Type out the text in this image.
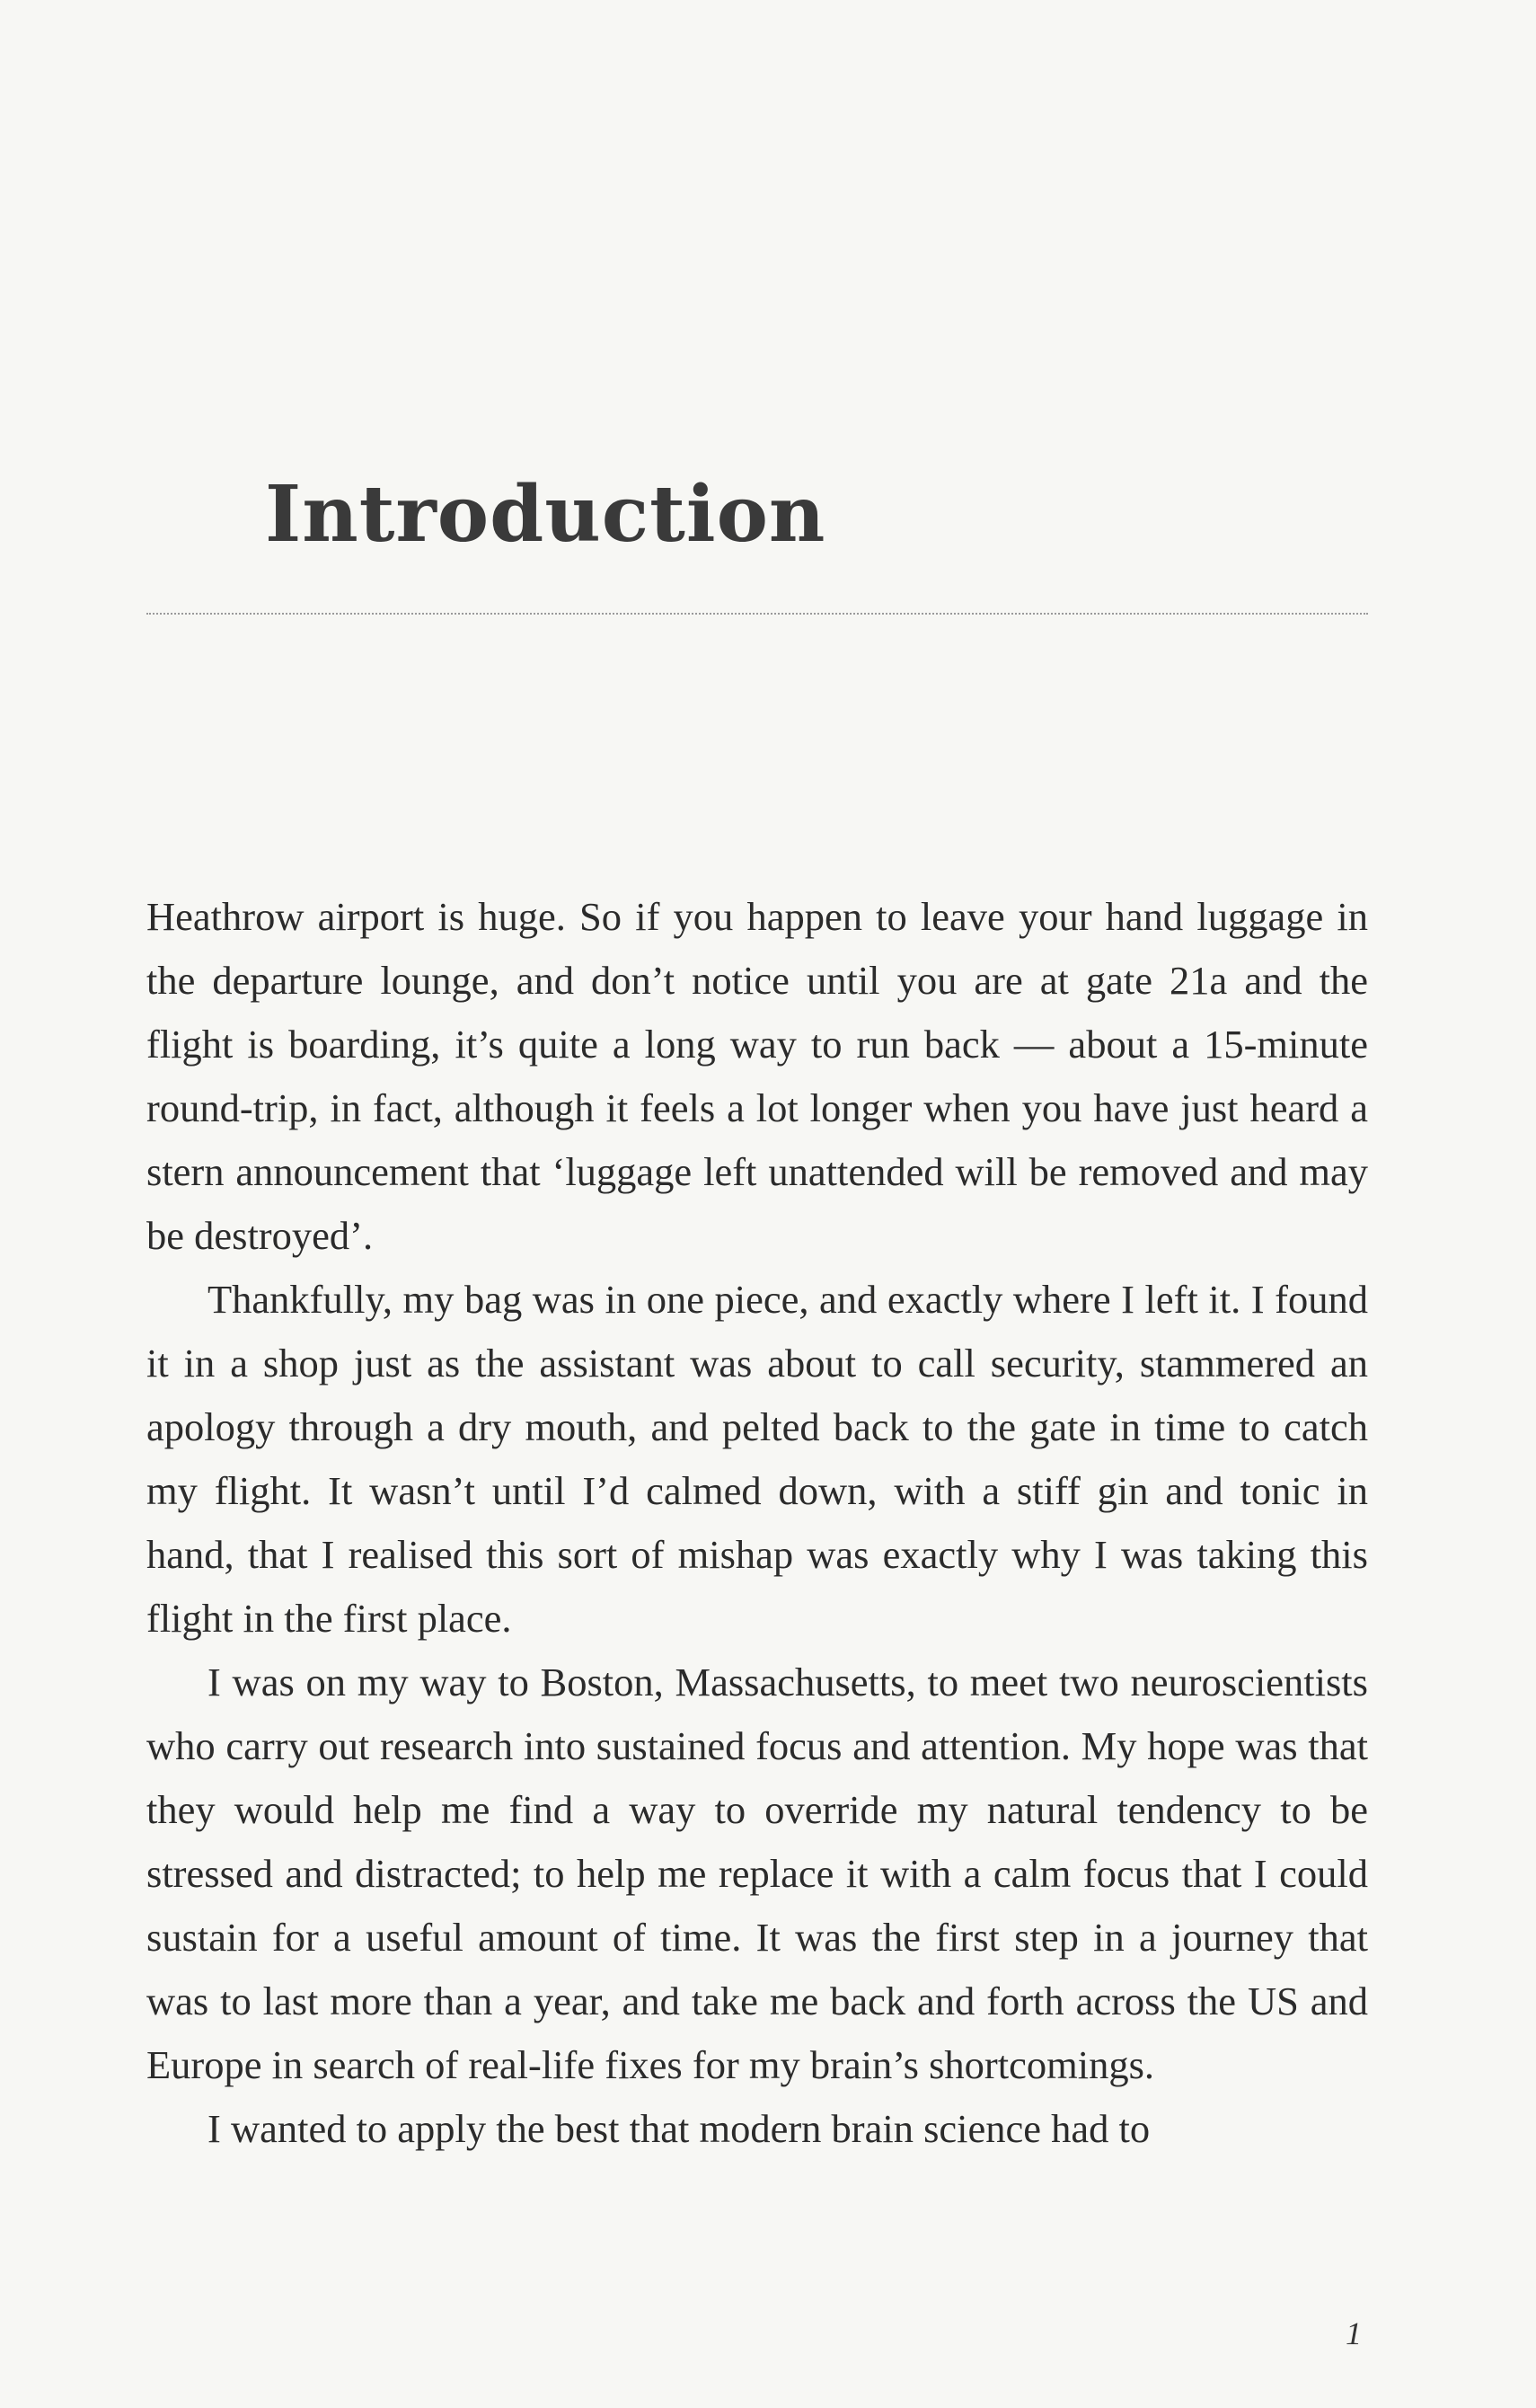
Introduction

Heathrow airport is huge. So if you happen to leave your hand luggage in the departure lounge, and don’t notice until you are at gate 21a and the flight is boarding, it’s quite a long way to run back — about a 15-minute round-trip, in fact, although it feels a lot longer when you have just heard a stern announcement that ‘luggage left unattended will be removed and may be destroyed’.

Thankfully, my bag was in one piece, and exactly where I left it. I found it in a shop just as the assistant was about to call security, stammered an apology through a dry mouth, and pelted back to the gate in time to catch my flight. It wasn’t until I’d calmed down, with a stiff gin and tonic in hand, that I realised this sort of mishap was exactly why I was taking this flight in the first place.

I was on my way to Boston, Massachusetts, to meet two neuroscientists who carry out research into sustained focus and attention. My hope was that they would help me find a way to override my natural tendency to be stressed and distracted; to help me replace it with a calm focus that I could sustain for a useful amount of time. It was the first step in a journey that was to last more than a year, and take me back and forth across the US and Europe in search of real-life fixes for my brain’s shortcomings.

I wanted to apply the best that modern brain science had to

1
